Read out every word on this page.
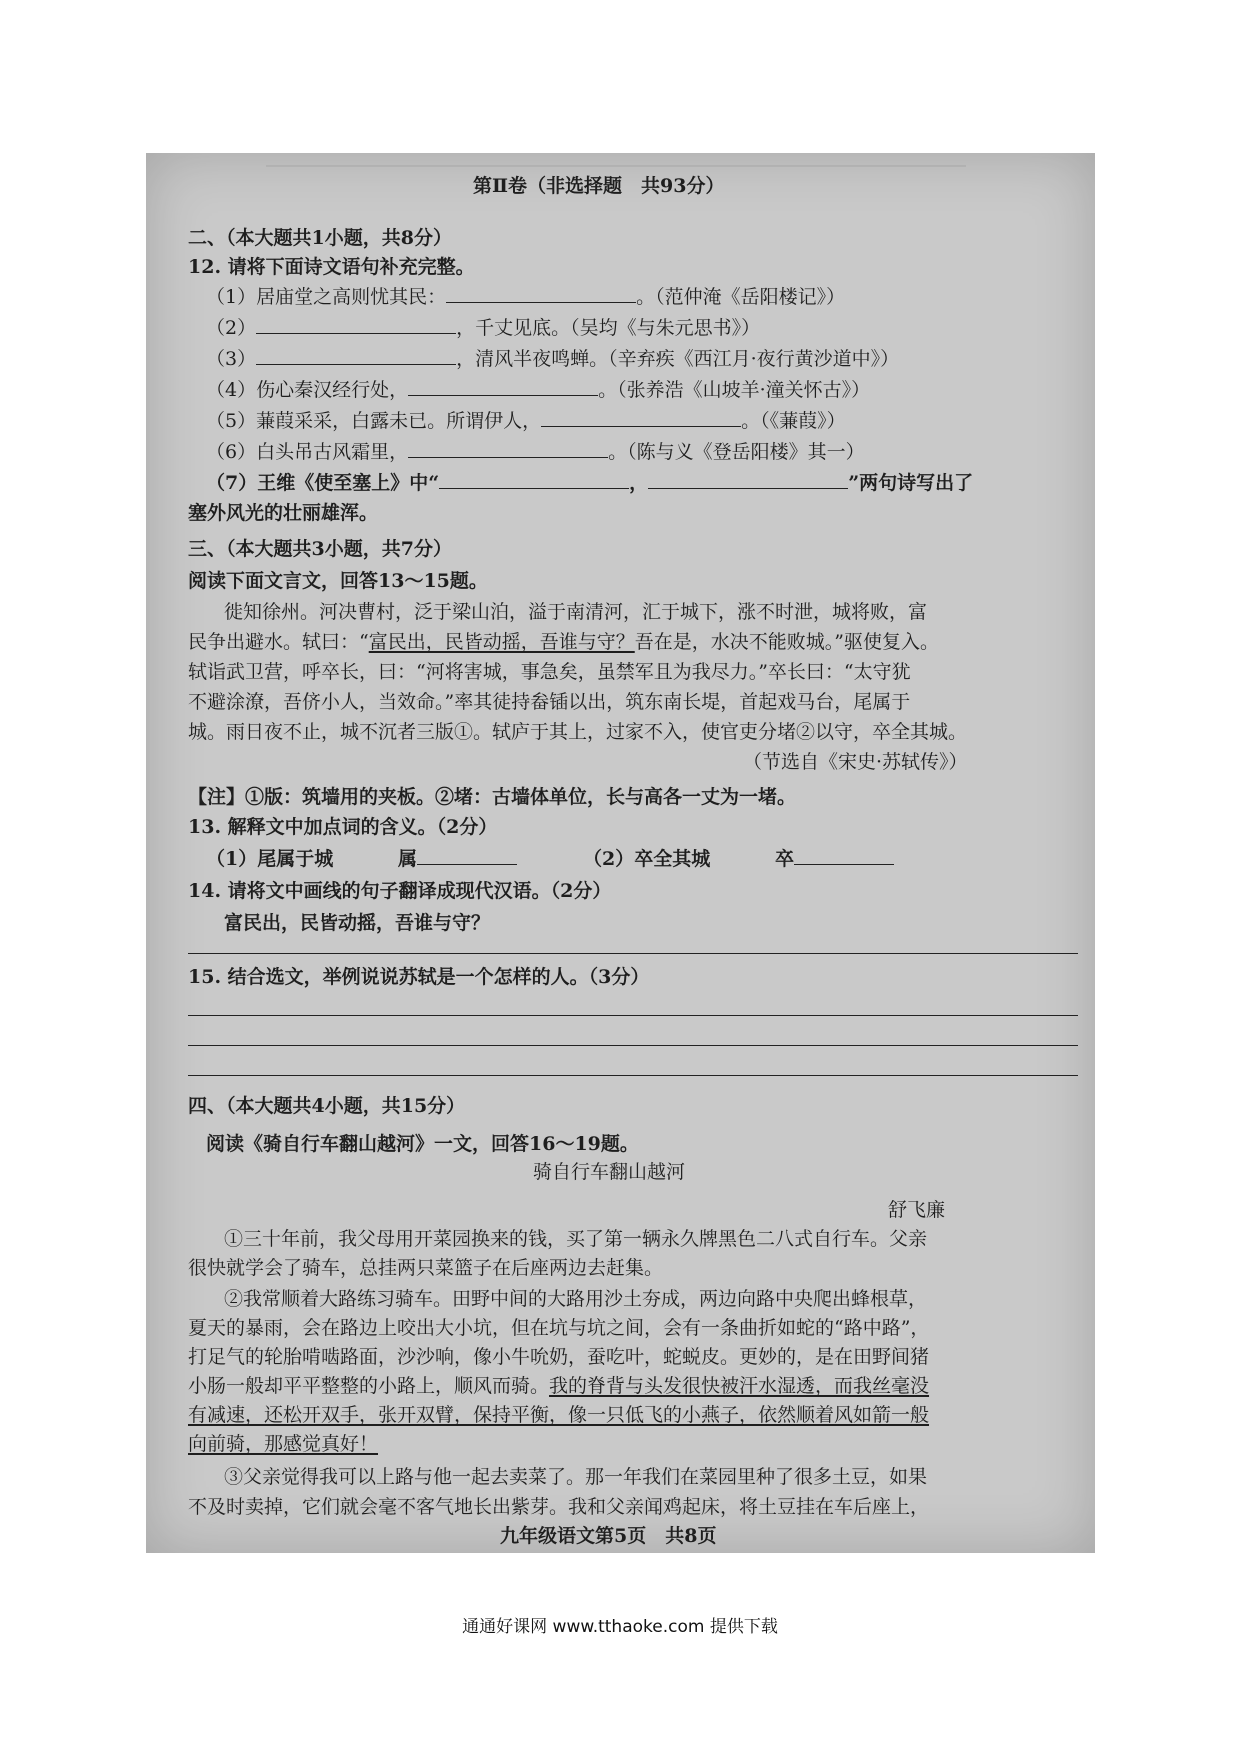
第Ⅱ卷（非选择题　共93分）
二、（本大题共1小题，共8分）
12. 请将下面诗文语句补充完整。
（1）居庙堂之高则忧其民：	。（范仲淹《岳阳楼记》）
（2）	，千丈见底。（吴均《与朱元思书》）
（3）	，清风半夜鸣蝉。（辛弃疾《西江月·夜行黄沙道中》）
（4）伤心秦汉经行处，	。（张养浩《山坡羊·潼关怀古》）
（5）蒹葭采采，白露未已。所谓伊人，	。（《蒹葭》）
（6）白头吊古风霜里，	。（陈与义《登岳阳楼》其一）
（7）王维《使至塞上》中“	，	”两句诗写出了
塞外风光的壮丽雄浑。
三、（本大题共3小题，共7分）
阅读下面文言文，回答13～15题。
徙知徐州。河决曹村，泛于梁山泊，溢于南清河，汇于城下，涨不时泄，城将败，富
民争出避水。轼曰：“富民出，民皆动摇，吾谁与守？吾在是，水决不能败城。”驱使复入。
轼诣武卫营，呼卒长，曰：“河将害城，事急矣，虽禁军且为我尽力。”卒长曰：“太守犹
不避涂潦，吾侪小人，当效命。”率其徒持畚锸以出，筑东南长堤，首起戏马台，尾属于
城。雨日夜不止，城不沉者三版①。轼庐于其上，过家不入，使官吏分堵②以守，卒全其城。
（节选自《宋史·苏轼传》）
【注】①版：筑墙用的夹板。②堵：古墙体单位，长与高各一丈为一堵。
13. 解释文中加点词的含义。（2分）
（1）尾属于城	属	（2）卒全其城	卒
14. 请将文中画线的句子翻译成现代汉语。（2分）
富民出，民皆动摇，吾谁与守？
15. 结合选文，举例说说苏轼是一个怎样的人。（3分）
四、（本大题共4小题，共15分）
阅读《骑自行车翻山越河》一文，回答16～19题。
骑自行车翻山越河
舒飞廉
①三十年前，我父母用开菜园换来的钱，买了第一辆永久牌黑色二八式自行车。父亲
很快就学会了骑车，总挂两只菜篮子在后座两边去赶集。
②我常顺着大路练习骑车。田野中间的大路用沙土夯成，两边向路中央爬出蜂根草，
夏天的暴雨，会在路边上咬出大小坑，但在坑与坑之间，会有一条曲折如蛇的“路中路”，
打足气的轮胎啃啮路面，沙沙响，像小牛吮奶，蚕吃叶，蛇蜕皮。更妙的，是在田野间猪
小肠一般却平平整整的小路上，顺风而骑。我的脊背与头发很快被汗水湿透，而我丝毫没
有减速，还松开双手，张开双臂，保持平衡，像一只低飞的小燕子，依然顺着风如箭一般
向前骑，那感觉真好！
③父亲觉得我可以上路与他一起去卖菜了。那一年我们在菜园里种了很多土豆，如果
不及时卖掉，它们就会毫不客气地长出紫芽。我和父亲闻鸡起床，将土豆挂在车后座上，
九年级语文第5页　共8页
通通好课网 www.tthaoke.com 提供下载
